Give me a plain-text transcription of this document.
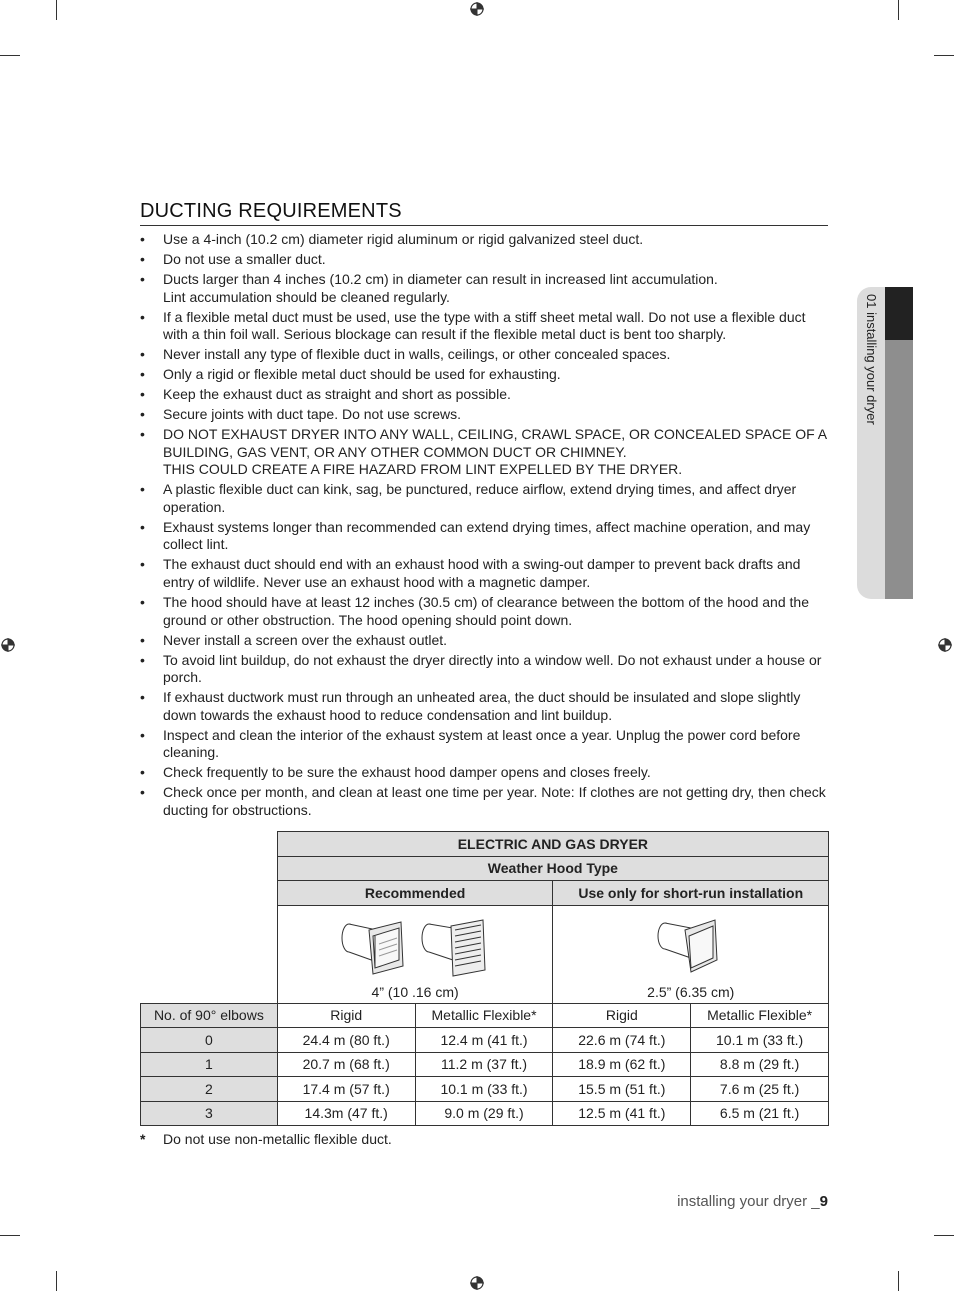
01 installing your dryer
DUCTING REQUIREMENTS
• Use a 4-inch (10.2 cm) diameter rigid aluminum or rigid galvanized steel duct.
• Do not use a smaller duct.
• Ducts larger than 4 inches (10.2 cm) in diameter can result in increased lint accumulation.
Lint accumulation should be cleaned regularly.
• If a flexible metal duct must be used, use the type with a stiff sheet metal wall. Do not use a flexible duct with a thin foil wall. Serious blockage can result if the flexible metal duct is bent too sharply.
• Never install any type of flexible duct in walls, ceilings, or other concealed spaces.
• Only a rigid or flexible metal duct should be used for exhausting.
• Keep the exhaust duct as straight and short as possible.
• Secure joints with duct tape. Do not use screws.
• DO NOT EXHAUST DRYER INTO ANY WALL, CEILING, CRAWL SPACE, OR CONCEALED SPACE OF A BUILDING, GAS VENT, OR ANY OTHER COMMON DUCT OR CHIMNEY.
THIS COULD CREATE A FIRE HAZARD FROM LINT EXPELLED BY THE DRYER.
• A plastic flexible duct can kink, sag, be punctured, reduce airflow, extend drying times, and affect dryer operation.
• Exhaust systems longer than recommended can extend drying times, affect machine operation, and may collect lint.
• The exhaust duct should end with an exhaust hood with a swing-out damper to prevent back drafts and entry of wildlife. Never use an exhaust hood with a magnetic damper.
• The hood should have at least 12 inches (30.5 cm) of clearance between the bottom of the hood and the ground or other obstruction. The hood opening should point down.
• Never install a screen over the exhaust outlet.
• To avoid lint buildup, do not exhaust the dryer directly into a window well. Do not exhaust under a house or porch.
• If exhaust ductwork must run through an unheated area, the duct should be insulated and slope slightly down towards the exhaust hood to reduce condensation and lint buildup.
• Inspect and clean the interior of the exhaust system at least once a year. Unplug the power cord before cleaning.
• Check frequently to be sure the exhaust hood damper opens and closes freely.
• Check once per month, and clean at least one time per year. Note: If clothes are not getting dry, then check ducting for obstructions.
	ELECTRIC AND GAS DRYER			
	Weather Hood Type			
	Recommended		Use only for short-run installation	

	4” (10 .16 cm)		2.5” (6.35 cm)	

No. of 90° elbows	Rigid	Metallic Flexible*	Rigid	Metallic Flexible*
0	24.4 m (80 ft.)	12.4 m (41 ft.)	22.6 m (74 ft.)	10.1 m (33 ft.)
1	20.7 m (68 ft.)	11.2 m (37 ft.)	18.9 m (62 ft.)	8.8 m (29 ft.)
2	17.4 m (57 ft.)	10.1 m (33 ft.)	15.5 m (51 ft.)	7.6 m (25 ft.)
3	14.3m (47 ft.)	9.0 m (29 ft.)	12.5 m (41 ft.)	6.5 m (21 ft.)
* Do not use non-metallic flexible duct.
installing your dryer _9
